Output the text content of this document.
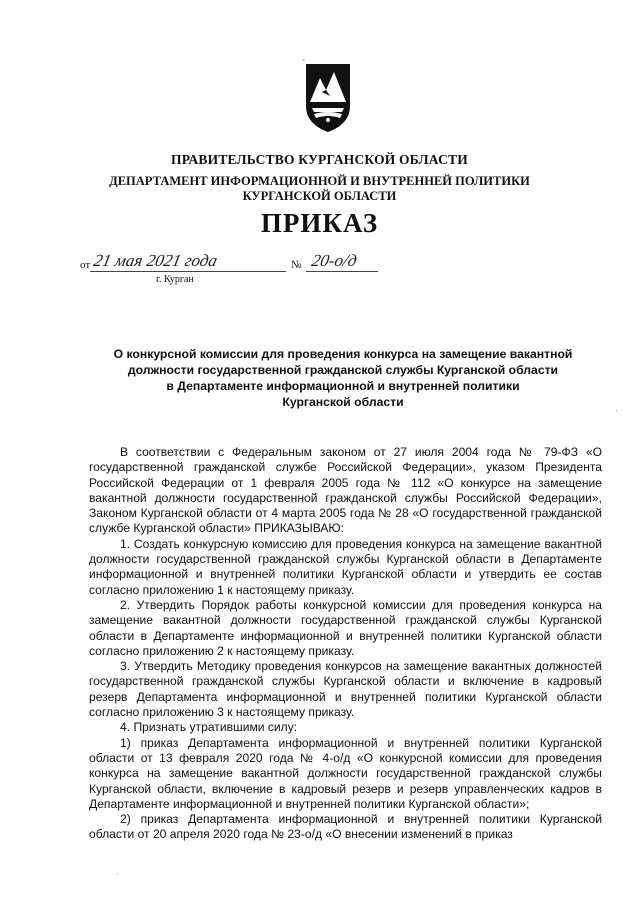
ˇ
ПРАВИТЕЛЬСТВО КУРГАНСКОЙ ОБЛАСТИ
ДЕПАРТАМЕНТ ИНФОРМАЦИОННОЙ И ВНУТРЕННЕЙ ПОЛИТИКИ
КУРГАНСКОЙ ОБЛАСТИ
ПРИКАЗ
от 21 мая 2021 года	№ 20-о/д
г. Курган
О конкурсной комиссии для проведения конкурса на замещение вакантной
должности государственной гражданской службы Курганской области
в Департаменте информационной и внутренней политики
Курганской области
·

В соответствии с Федеральным законом от 27 июля 2004 года № 79-ФЗ «О государственной гражданской службе Российской Федерации», указом Президента Российской Федерации от 1 февраля 2005 года № 112 «О конкурсе на замещение вакантной должности государственной гражданской службы Российской Федерации», Законом Курганской области от 4 марта 2005 года № 28 «О государственной гражданской службе Курганской области» ПРИКАЗЫВАЮ:

1. Создать конкурсную комиссию для проведения конкурса на замещение вакантной должности государственной гражданской службы Курганской области в Департаменте информационной и внутренней политики Курганской области и утвердить ее состав согласно приложению 1 к настоящему приказу.

2. Утвердить Порядок работы конкурсной комиссии для проведения конкурса на замещение вакантной должности государственной гражданской службы Курганской области в Департаменте информационной и внутренней политики Курганской области согласно приложению 2 к настоящему приказу.

3. Утвердить Методику проведения конкурсов на замещение вакантных должностей государственной гражданской службы Курганской области и включение в кадровый резерв Департамента информационной и внутренней политики Курганской области согласно приложению 3 к настоящему приказу.

4. Признать утратившими силу:

1) приказ Департамента информационной и внутренней политики Курганской области от 13 февраля 2020 года № 4-о/д «О конкурсной комиссии для проведения конкурса на замещение вакантной должности государственной гражданской службы Курганской области, включение в кадровый резерв и резерв управленческих кадров в Департаменте информационной и внутренней политики Курганской области»;

2) приказ Департамента информационной и внутренней политики Курганской области от 20 апреля 2020 года № 23-о/д «О внесении изменений в приказ

`
